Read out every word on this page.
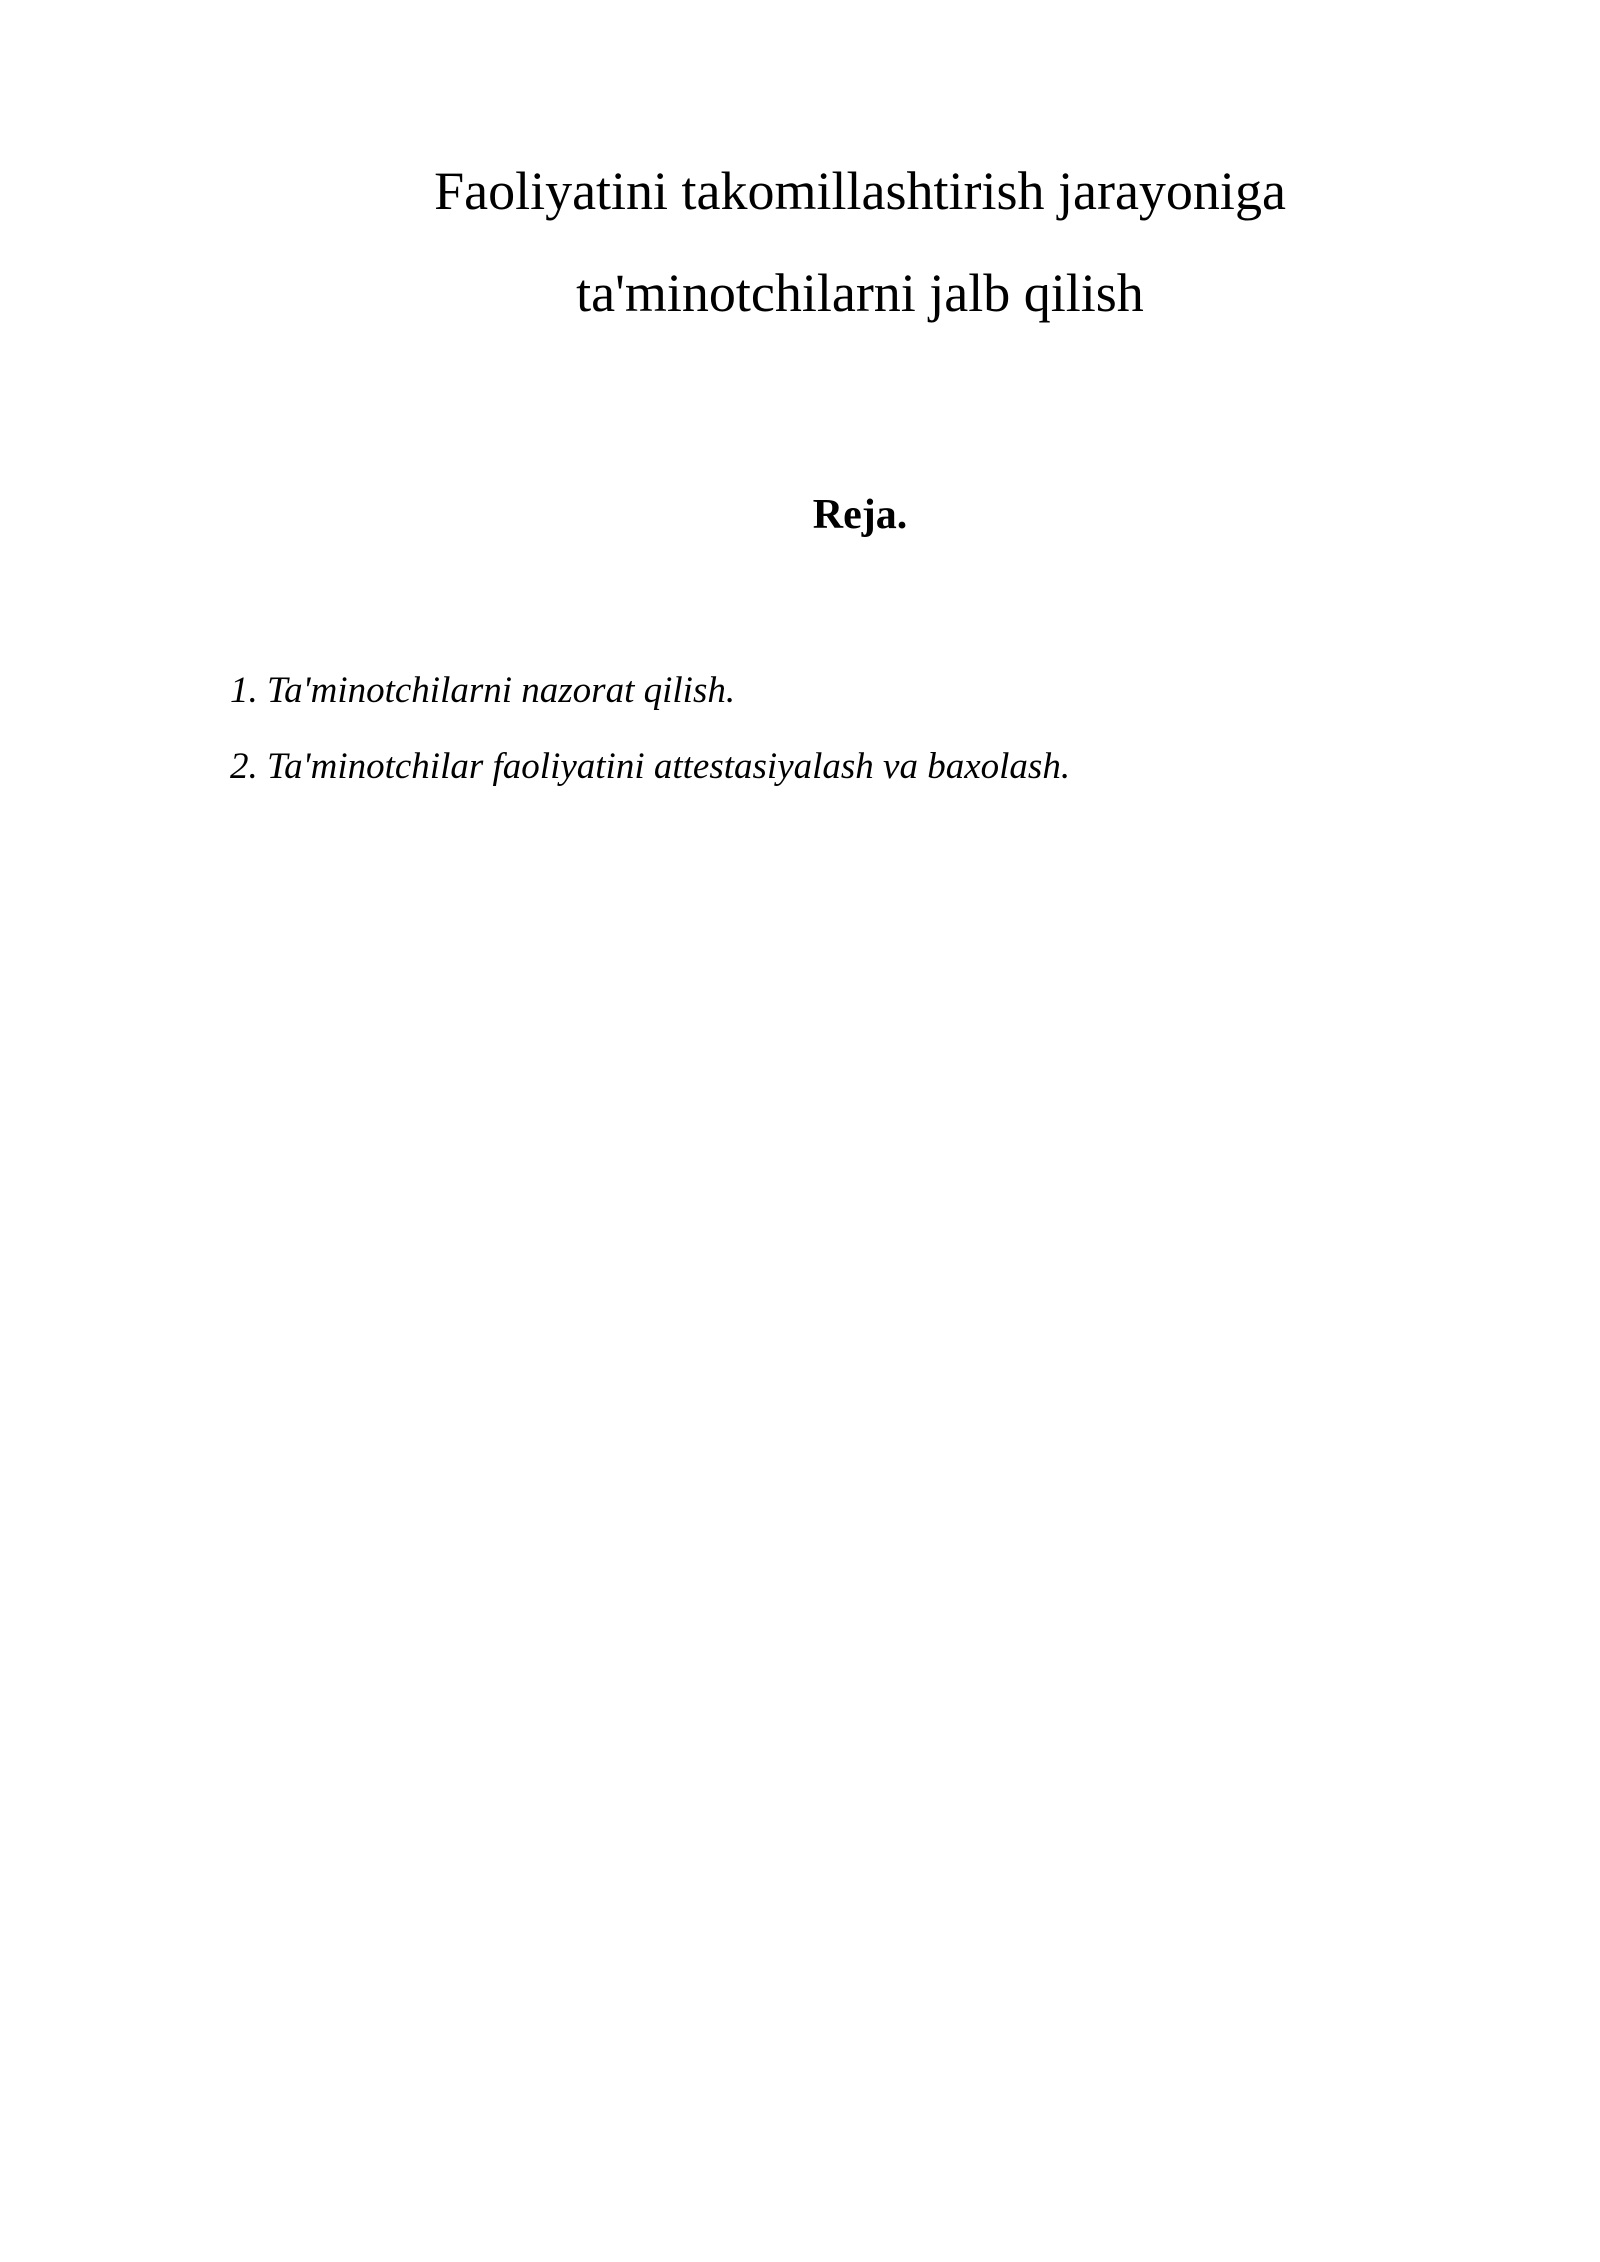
Faoliyatini takomillashtirish jarayoniga
ta'minotchilarni jalb qilish
Reja.
1. Ta'minotchilarni nazorat qilish.
2. Ta'minotchilar faoliyatini attestasiyalash va baxolash.
